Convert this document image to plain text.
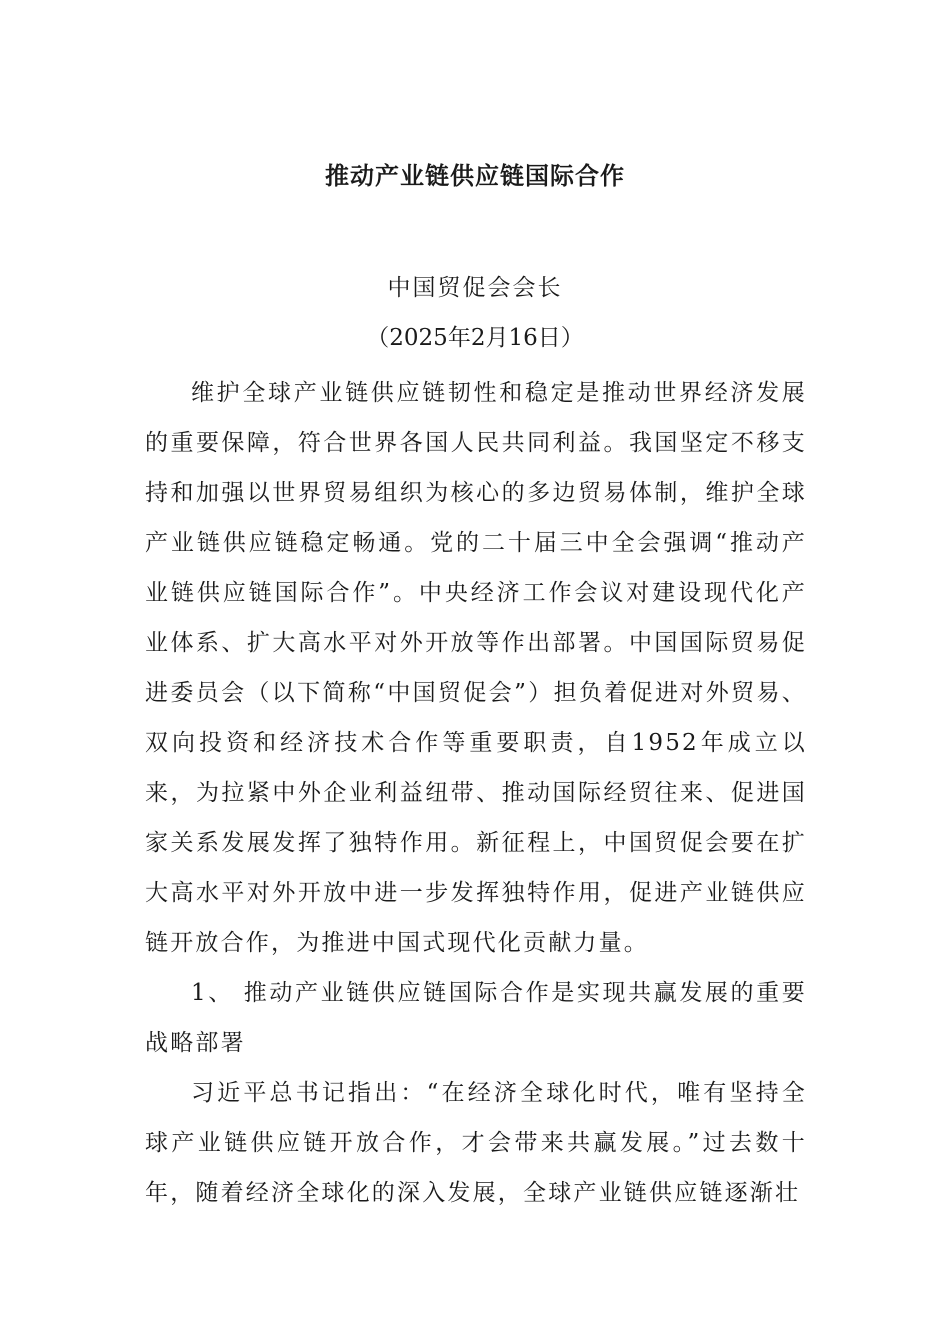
推动产业链供应链国际合作
中国贸促会会长
（2025年2月16日）

维护全球产业链供应链韧性和稳定是推动世界经济发展的重要保障，符合世界各国人民共同利益。我国坚定不移支持和加强以世界贸易组织为核心的多边贸易体制，维护全球产业链供应链稳定畅通。党的二十届三中全会强调“推动产业链供应链国际合作”。中央经济工作会议对建设现代化产业体系、扩大高水平对外开放等作出部署。中国国际贸易促进委员会（以下简称“中国贸促会”）担负着促进对外贸易、双向投资和经济技术合作等重要职责，自1952年成立以来，为拉紧中外企业利益纽带、推动国际经贸往来、促进国家关系发展发挥了独特作用。新征程上，中国贸促会要在扩大高水平对外开放中进一步发挥独特作用，促进产业链供应链开放合作，为推进中国式现代化贡献力量。

1、 推动产业链供应链国际合作是实现共赢发展的重要战略部署

习近平总书记指出：“在经济全球化时代，唯有坚持全球产业链供应链开放合作，才会带来共赢发展。”过去数十年，随着经济全球化的深入发展，全球产业链供应链逐渐壮
